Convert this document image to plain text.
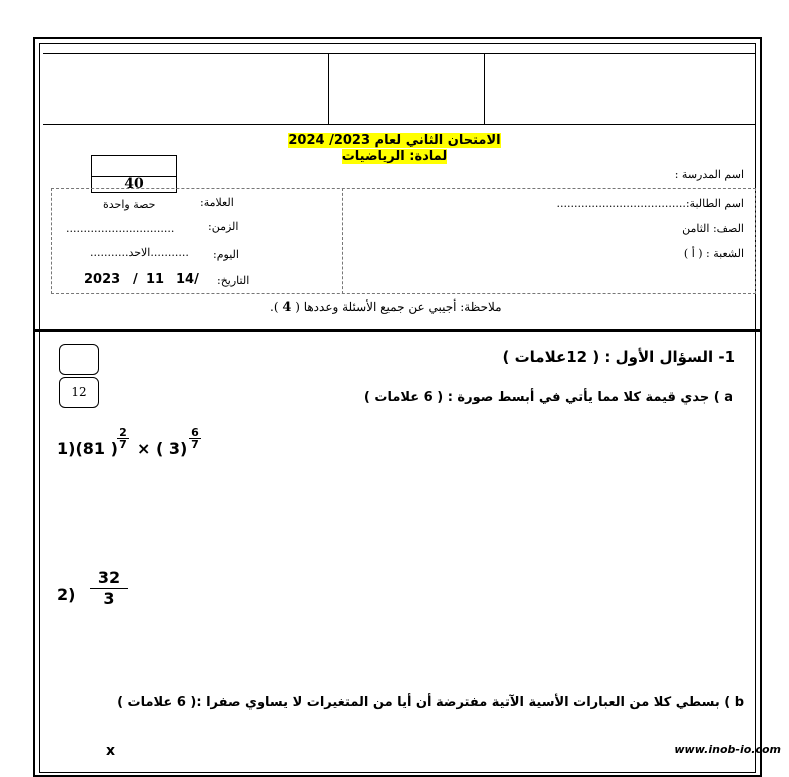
الامتحان الثاني لعام 2023/ 2024
لمادة: الرياضيات
40
اسم المدرسة :
العلامة:
حصة واحدة
الزمن:
...............................
اليوم:
...........الاحد...........
التاريخ:
14/
11
/
2023
اسم الطالبة:.....................................
الصف: الثامن
الشعبة : ( أ )
ملاحظة: أجيبي عن جميع الأسئلة وعددها ( 4 ).
12
1- السؤال الأول : ( 12علامات )
a ) جدي قيمة كلا مما يأتي في أبسط صورة : ( 6 علامات )
1)(81 )
2
7 × ( 3)
6
7
2)
32
3
b ) بسطي كلا من العبارات الأسية الآتية مفترضة أن أيا من المتغيرات لا يساوي صفرا :( 6 علامات )
x	www.inob-io.com
